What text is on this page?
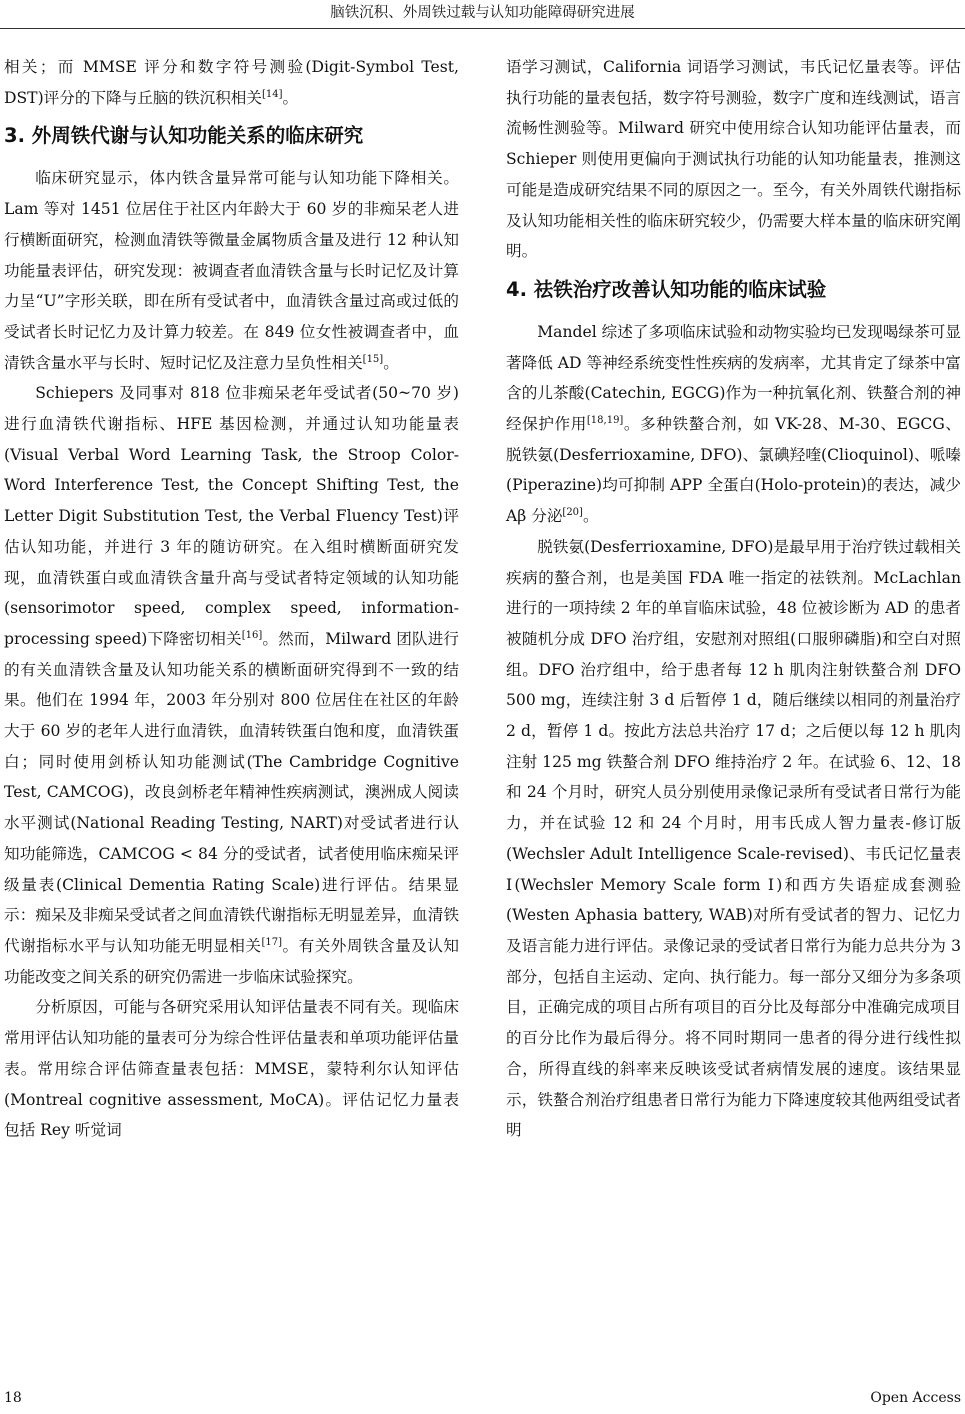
脑铁沉积、外周铁过载与认知功能障碍研究进展

相关；而 MMSE 评分和数字符号测验(Digit-Symbol Test, DST)评分的下降与丘脑的铁沉积相关[14]。

3. 外周铁代谢与认知功能关系的临床研究

临床研究显示，体内铁含量异常可能与认知功能下降相关。Lam 等对 1451 位居住于社区内年龄大于 60 岁的非痴呆老人进行横断面研究，检测血清铁等微量金属物质含量及进行 12 种认知功能量表评估，研究发现：被调查者血清铁含量与长时记忆及计算力呈“U”字形关联，即在所有受试者中，血清铁含量过高或过低的受试者长时记忆力及计算力较差。在 849 位女性被调查者中，血清铁含量水平与长时、短时记忆及注意力呈负性相关[15]。

Schiepers 及同事对 818 位非痴呆老年受试者(50~70 岁)进行血清铁代谢指标、HFE 基因检测，并通过认知功能量表(Visual Verbal Word Learning Task, the Stroop Color-Word Interference Test, the Concept Shifting Test, the Letter Digit Substitution Test, the Verbal Fluency Test)评估认知功能，并进行 3 年的随访研究。在入组时横断面研究发现，血清铁蛋白或血清铁含量升高与受试者特定领域的认知功能(sensorimotor speed, complex speed, information-processing speed)下降密切相关[16]。然而，Milward 团队进行的有关血清铁含量及认知功能关系的横断面研究得到不一致的结果。他们在 1994 年，2003 年分别对 800 位居住在社区的年龄大于 60 岁的老年人进行血清铁，血清转铁蛋白饱和度，血清铁蛋白；同时使用剑桥认知功能测试(The Cambridge Cognitive Test, CAMCOG)，改良剑桥老年精神性疾病测试，澳洲成人阅读水平测试(National Reading Testing, NART)对受试者进行认知功能筛选，CAMCOG < 84 分的受试者，试者使用临床痴呆评级量表(Clinical Dementia Rating Scale)进行评估。结果显示：痴呆及非痴呆受试者之间血清铁代谢指标无明显差异，血清铁代谢指标水平与认知功能无明显相关[17]。有关外周铁含量及认知功能改变之间关系的研究仍需进一步临床试验探究。

分析原因，可能与各研究采用认知评估量表不同有关。现临床常用评估认知功能的量表可分为综合性评估量表和单项功能评估量表。常用综合评估筛查量表包括：MMSE，蒙特利尔认知评估(Montreal cognitive assessment, MoCA)。评估记忆力量表包括 Rey 听觉词

语学习测试，California 词语学习测试，韦氏记忆量表等。评估执行功能的量表包括，数字符号测验，数字广度和连线测试，语言流畅性测验等。Milward 研究中使用综合认知功能评估量表，而 Schieper 则使用更偏向于测试执行功能的认知功能量表，推测这可能是造成研究结果不同的原因之一。至今，有关外周铁代谢指标及认知功能相关性的临床研究较少，仍需要大样本量的临床研究阐明。

4. 祛铁治疗改善认知功能的临床试验

Mandel 综述了多项临床试验和动物实验均已发现喝绿茶可显著降低 AD 等神经系统变性性疾病的发病率，尤其肯定了绿茶中富含的儿茶酸(Catechin, EGCG)作为一种抗氧化剂、铁螯合剂的神经保护作用[18,19]。多种铁螯合剂，如 VK-28、M-30、EGCG、脱铁氨(Desferrioxamine, DFO)、氯碘羟喹(Clioquinol)、哌嗪(Piperazine)均可抑制 APP 全蛋白(Holo-protein)的表达，减少 Aβ 分泌[20]。

脱铁氨(Desferrioxamine, DFO)是最早用于治疗铁过载相关疾病的螯合剂，也是美国 FDA 唯一指定的祛铁剂。McLachlan 进行的一项持续 2 年的单盲临床试验，48 位被诊断为 AD 的患者被随机分成 DFO 治疗组，安慰剂对照组(口服卵磷脂)和空白对照组。DFO 治疗组中，给于患者每 12 h 肌肉注射铁螯合剂 DFO 500 mg，连续注射 3 d 后暂停 1 d，随后继续以相同的剂量治疗 2 d，暂停 1 d。按此方法总共治疗 17 d；之后便以每 12 h 肌肉注射 125 mg 铁螯合剂 DFO 维持治疗 2 年。在试验 6、12、18 和 24 个月时，研究人员分别使用录像记录所有受试者日常行为能力，并在试验 12 和 24 个月时，用韦氏成人智力量表-修订版(Wechsler Adult Intelligence Scale-revised)、韦氏记忆量表Ⅰ(Wechsler Memory Scale form Ⅰ)和西方失语症成套测验(Westen Aphasia battery, WAB)对所有受试者的智力、记忆力及语言能力进行评估。录像记录的受试者日常行为能力总共分为 3 部分，包括自主运动、定向、执行能力。每一部分又细分为多条项目，正确完成的项目占所有项目的百分比及每部分中准确完成项目的百分比作为最后得分。将不同时期同一患者的得分进行线性拟合，所得直线的斜率来反映该受试者病情发展的速度。该结果显示，铁螯合剂治疗组患者日常行为能力下降速度较其他两组受试者明

18	Open Access
